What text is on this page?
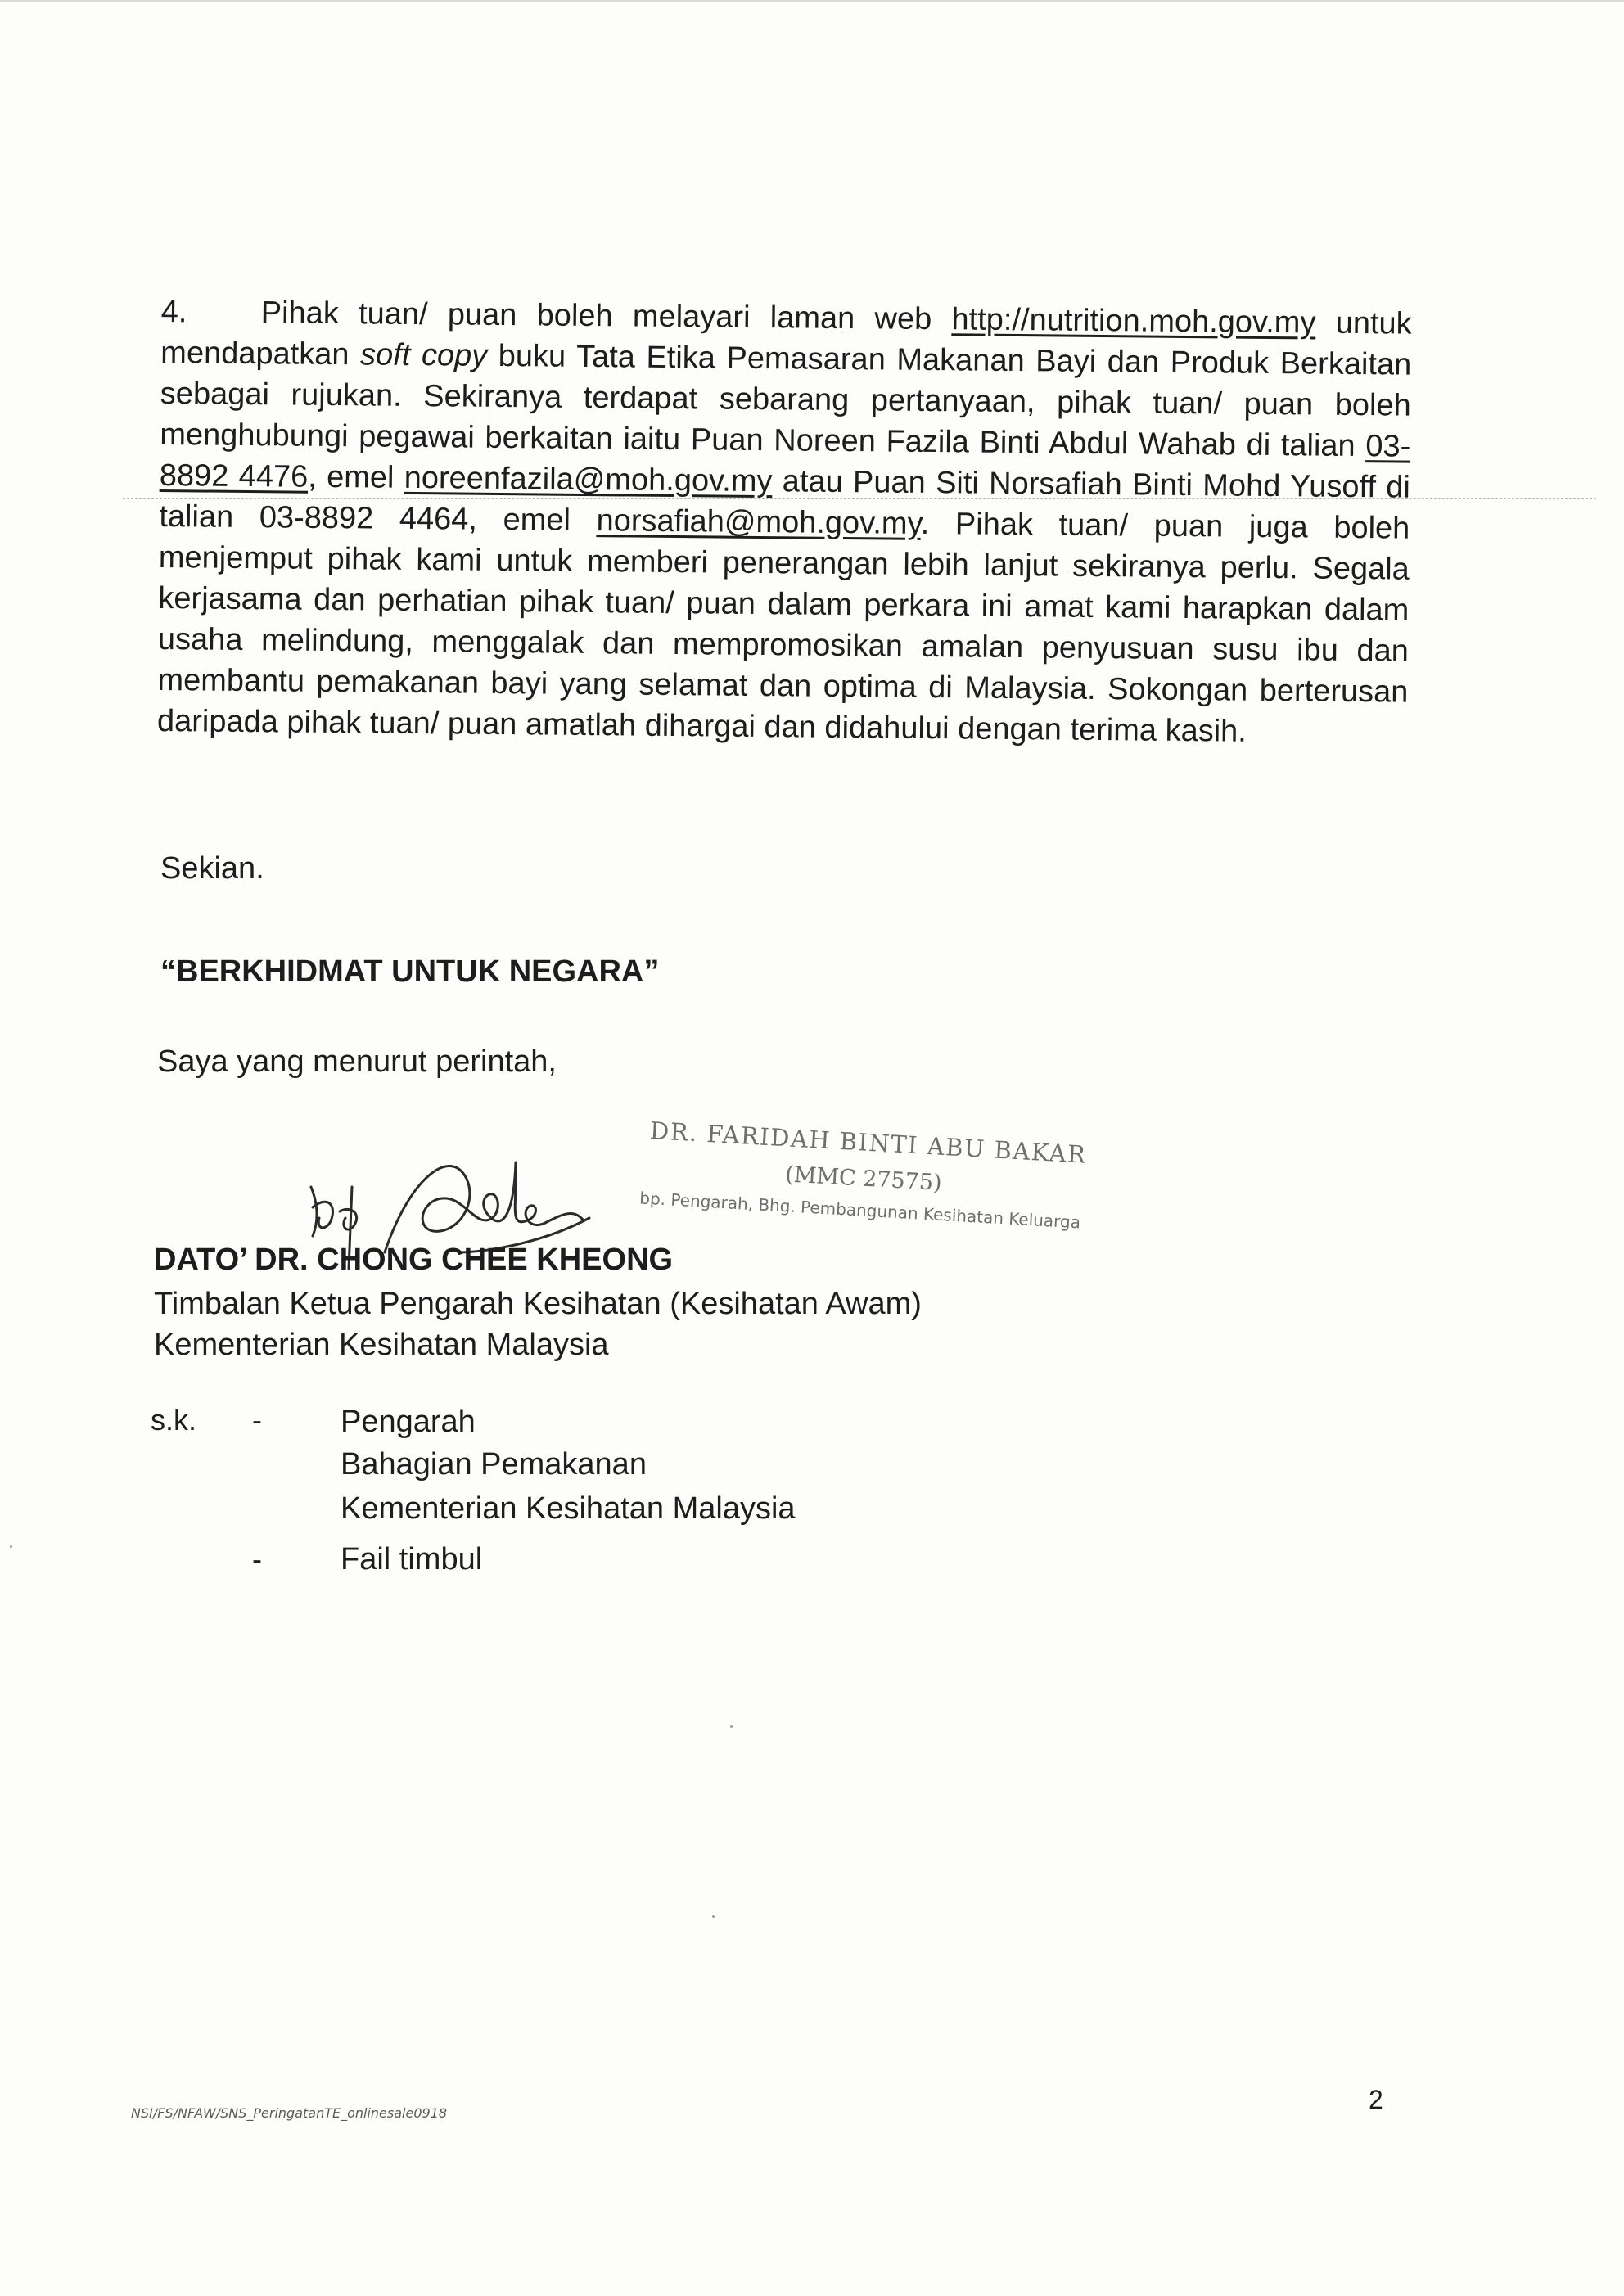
4. Pihak tuan/ puan boleh melayari laman web http://nutrition.moh.gov.my untuk mendapatkan soft copy buku Tata Etika Pemasaran Makanan Bayi dan Produk Berkaitan sebagai rujukan. Sekiranya terdapat sebarang pertanyaan, pihak tuan/ puan boleh menghubungi pegawai berkaitan iaitu Puan Noreen Fazila Binti Abdul Wahab di talian 03-8892 4476, emel noreenfazila@moh.gov.my atau Puan Siti Norsafiah Binti Mohd Yusoff di talian 03-8892 4464, emel norsafiah@moh.gov.my. Pihak tuan/ puan juga boleh menjemput pihak kami untuk memberi penerangan lebih lanjut sekiranya perlu. Segala kerjasama dan perhatian pihak tuan/ puan dalam perkara ini amat kami harapkan dalam usaha melindung, menggalak dan mempromosikan amalan penyusuan susu ibu dan membantu pemakanan bayi yang selamat dan optima di Malaysia. Sokongan berterusan daripada pihak tuan/ puan amatlah dihargai dan didahului dengan terima kasih.
Sekian.
“BERKHIDMAT UNTUK NEGARA”
Saya yang menurut perintah,
DR. FARIDAH BINTI ABU BAKAR
(MMC 27575)
bp. Pengarah, Bhg. Pembangunan Kesihatan Keluarga
DATO’ DR. CHONG CHEE KHEONG
Timbalan Ketua Pengarah Kesihatan (Kesihatan Awam)
Kementerian Kesihatan Malaysia
s.k. -	Pengarah
Bahagian Pemakanan
Kementerian Kesihatan Malaysia
-	Fail timbul
NSI/FS/NFAW/SNS_PeringatanTE_onlinesale0918	2
